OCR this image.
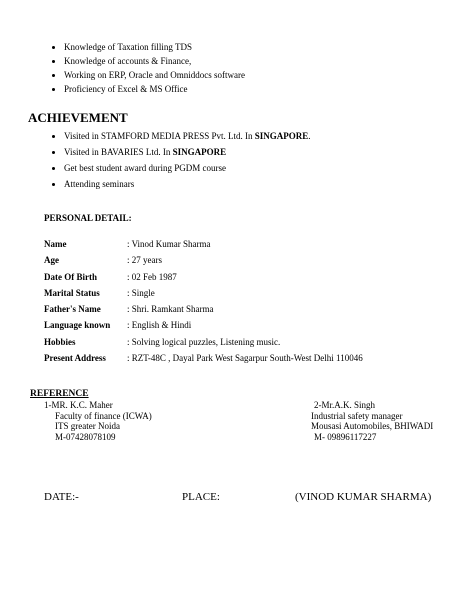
• Knowledge of Taxation filling TDS
• Knowledge of accounts & Finance,
• Working on ERP, Oracle and Omniddocs software
• Proficiency of Excel & MS Office
ACHIEVEMENT
• Visited in STAMFORD MEDIA PRESS Pvt. Ltd. In SINGAPORE.
• Visited in BAVARIES Ltd. In SINGAPORE
• Get best student award during PGDM course
• Attending seminars
PERSONAL DETAIL:
Name	: Vinod Kumar Sharma
Age	: 27 years
Date Of Birth	: 02 Feb 1987
Marital Status	: Single
Father's Name	: Shri. Ramkant Sharma
Language known	: English & Hindi
Hobbies	: Solving logical puzzles, Listening music.
Present Address	: RZT-48C , Dayal Park West Sagarpur South-West Delhi 110046
REFERENCE
1-MR. K.C. Maher
Faculty of finance (ICWA)
ITS greater Noida
M-07428078109
2-Mr.A.K. Singh
Industrial safety manager
Mousasi Automobiles, BHIWADI
M- 09896117227
DATE:-	PLACE:	(VINOD KUMAR SHARMA)
